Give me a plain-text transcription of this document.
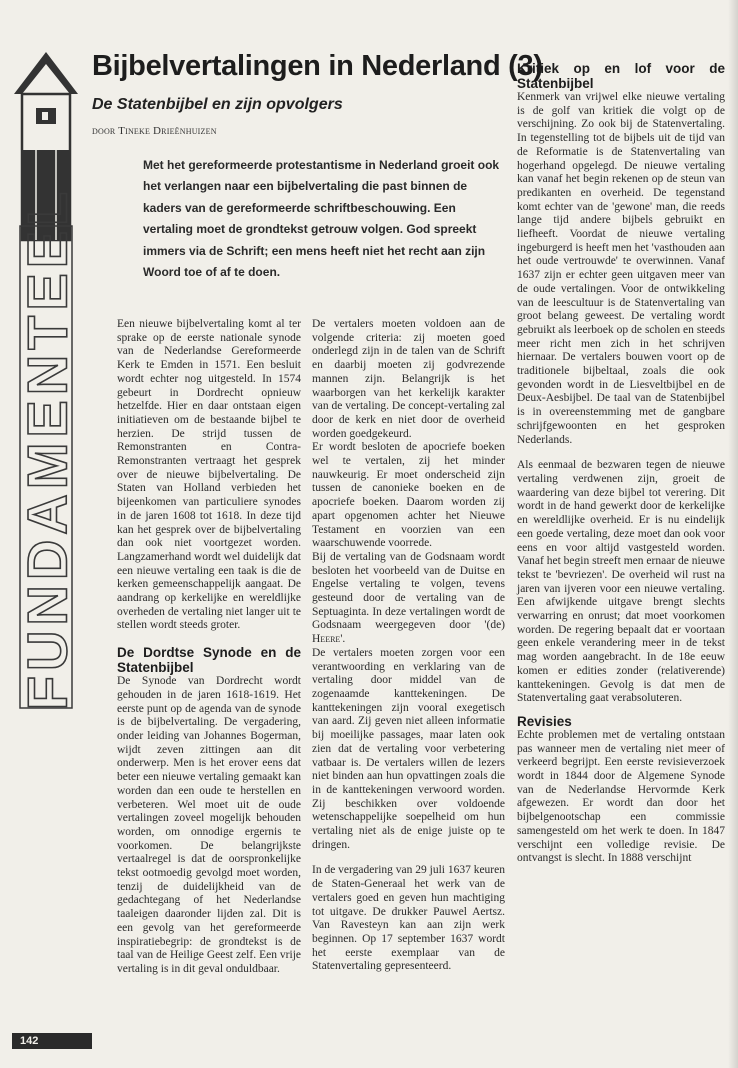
FUNDAMENTEEL
Bijbelvertalingen in Nederland (3)
De Statenbijbel en zijn opvolgers
door Tineke Drieënhuizen

Met het gereformeerde protestantisme in Nederland groeit ook het verlangen naar een bijbelvertaling die past binnen de kaders van de gereformeerde schriftbeschouwing. Een vertaling moet de grondtekst getrouw volgen. God spreekt immers via de Schrift; een mens heeft niet het recht aan zijn Woord toe of af te doen.

Een nieuwe bijbelvertaling komt al ter sprake op de eerste nationale synode van de Nederlandse Gereformeerde Kerk te Emden in 1571. Een besluit wordt echter nog uitgesteld. In 1574 gebeurt in Dordrecht opnieuw hetzelfde. Hier en daar ontstaan eigen initiatieven om de bestaande bijbel te herzien. De strijd tussen de Remonstranten en Contra-Remonstranten vertraagt het gesprek over de nieuwe bijbelvertaling. De Staten van Holland verbieden het bijeenkomen van particuliere synodes in de jaren 1608 tot 1618. In deze tijd kan het gesprek over de bijbelvertaling dan ook niet voortgezet worden. Langzamerhand wordt wel duidelijk dat een nieuwe vertaling een taak is die de kerken gemeenschappelijk aangaat. De aandrang op kerkelijke en wereldlijke overheden de vertaling niet langer uit te stellen wordt steeds groter.

De Dordtse Synode en de Statenbijbel

De Synode van Dordrecht wordt gehouden in de jaren 1618-1619. Het eerste punt op de agenda van de synode is de bijbelvertaling. De vergadering, onder leiding van Johannes Bogerman, wijdt zeven zittingen aan dit onderwerp. Men is het erover eens dat beter een nieuwe vertaling gemaakt kan worden dan een oude te herstellen en verbeteren. Wel moet uit de oude vertalingen zoveel mogelijk behouden worden, om onnodige ergernis te voorkomen. De belangrijkste vertaalregel is dat de oorspronkelijke tekst ootmoedig gevolgd moet worden, tenzij de duidelijkheid van de gedachtegang of het Nederlandse taaleigen daaronder lijden zal. Dit is een gevolg van het gereformeerde inspiratiebegrip: de grondtekst is de taal van de Heilige Geest zelf. Een vrije vertaling is in dit geval onduldbaar.

De vertalers moeten voldoen aan de volgende criteria: zij moeten goed onderlegd zijn in de talen van de Schrift en daarbij moeten zij godvrezende mannen zijn. Belangrijk is het waarborgen van het kerkelijk karakter van de vertaling. De concept-vertaling zal door de kerk en niet door de overheid worden goedgekeurd.

Er wordt besloten de apocriefe boeken wel te vertalen, zij het minder nauwkeurig. Er moet onderscheid zijn tussen de canonieke boeken en de apocriefe boeken. Daarom worden zij apart opgenomen achter het Nieuwe Testament en voorzien van een waarschuwende voorrede.

Bij de vertaling van de Godsnaam wordt besloten het voorbeeld van de Duitse en Engelse vertaling te volgen, tevens gesteund door de vertaling van de Septuaginta. In deze vertalingen wordt de Godsnaam weergegeven door '(de) Heere'.

De vertalers moeten zorgen voor een verantwoording en verklaring van de vertaling door middel van de zogenaamde kanttekeningen. De kanttekeningen zijn vooral exegetisch van aard. Zij geven niet alleen informatie bij moeilijke passages, maar laten ook zien dat de vertaling voor verbetering vatbaar is. De vertalers willen de lezers niet binden aan hun opvattingen zoals die in de kanttekeningen verwoord worden. Zij beschikken over voldoende wetenschappelijke soepelheid om hun vertaling niet als de enige juiste op te dringen.

In de vergadering van 29 juli 1637 keuren de Staten-Generaal het werk van de vertalers goed en geven hun machtiging tot uitgave. De drukker Pauwel Aertsz. Van Ravesteyn kan aan zijn werk beginnen. Op 17 september 1637 wordt het eerste exemplaar van de Statenvertaling gepresenteerd.

Kritiek op en lof voor de Statenbijbel

Kenmerk van vrijwel elke nieuwe vertaling is de golf van kritiek die volgt op de verschijning. Zo ook bij de Statenvertaling. In tegenstelling tot de bijbels uit de tijd van de Reformatie is de Statenvertaling van hogerhand opgelegd. De nieuwe vertaling kan vanaf het begin rekenen op de steun van predikanten en overheid. De tegenstand komt echter van de 'gewone' man, die reeds lange tijd andere bijbels gebruikt en liefheeft. Voordat de nieuwe vertaling ingeburgerd is heeft men het 'vasthouden aan het oude vertrouwde' te overwinnen. Vanaf 1637 zijn er echter geen uitgaven meer van de oude vertalingen. Voor de ontwikkeling van de leescultuur is de Statenvertaling van groot belang geweest. De vertaling wordt gebruikt als leerboek op de scholen en steeds meer richt men zich in het schrijven hiernaar. De vertalers bouwen voort op de traditionele bijbeltaal, zoals die ook gevonden wordt in de Liesveltbijbel en de Deux-Aesbijbel. De taal van de Statenbijbel is in overeenstemming met de gangbare schrijfgewoonten en het gesproken Nederlands.

Als eenmaal de bezwaren tegen de nieuwe vertaling verdwenen zijn, groeit de waardering van deze bijbel tot verering. Dit wordt in de hand gewerkt door de kerkelijke en wereldlijke overheid. Er is nu eindelijk een goede vertaling, deze moet dan ook voor eens en voor altijd vastgesteld worden. Vanaf het begin streeft men ernaar de nieuwe tekst te 'bevriezen'. De overheid wil rust na jaren van ijveren voor een nieuwe vertaling. Een afwijkende uitgave brengt slechts verwarring en onrust; dat moet voorkomen worden. De regering bepaalt dat er voortaan geen enkele verandering meer in de tekst mag worden aangebracht. In de 18e eeuw komen er edities zonder (relativerende) kanttekeningen. Gevolg is dat men de Statenvertaling gaat verabsoluteren.

Revisies

Echte problemen met de vertaling ontstaan pas wanneer men de vertaling niet meer of verkeerd begrijpt. Een eerste revisieverzoek wordt in 1844 door de Algemene Synode van de Nederlandse Hervormde Kerk afgewezen. Er wordt dan door het bijbelgenootschap een commissie samengesteld om het werk te doen. In 1847 verschijnt een volledige revisie. De ontvangst is slecht. In 1888 verschijnt

142
